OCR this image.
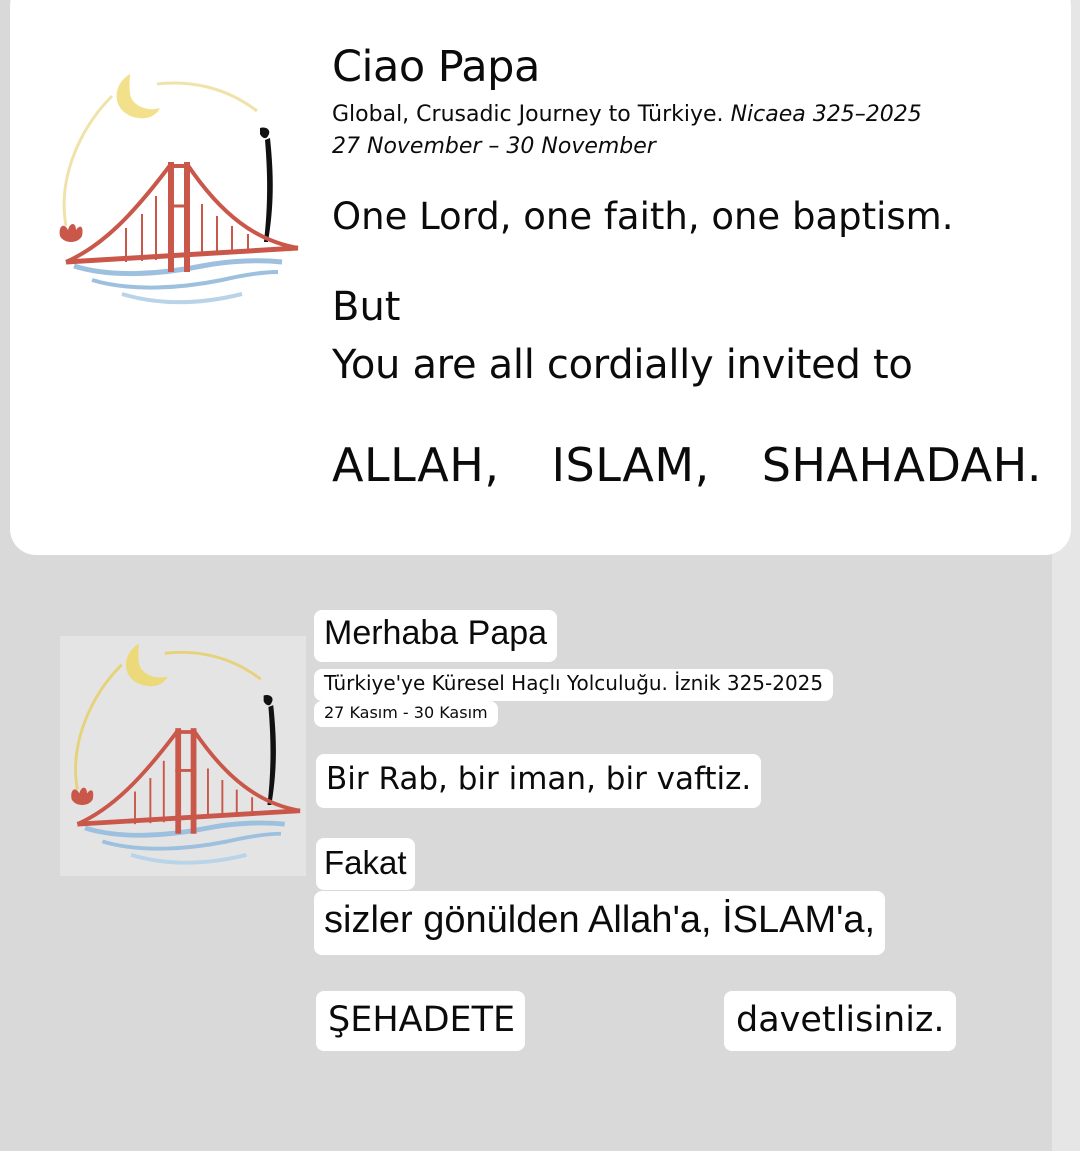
Ciao Papa
Global, Crusadic Journey to Türkiye. Nicaea 325–2025
27 November – 30 November
One Lord, one faith, one baptism.
But
You are all cordially invited to
ALLAH, ISLAM, SHAHADAH.
Merhaba Papa
Türkiye'ye Küresel Haçlı Yolculuğu. İznik 325-2025
27 Kasım - 30 Kasım
Bir Rab, bir iman, bir vaftiz.
Fakat
sizler gönülden Allah'a, İSLAM'a,
ŞEHADETE	davetlisiniz.
